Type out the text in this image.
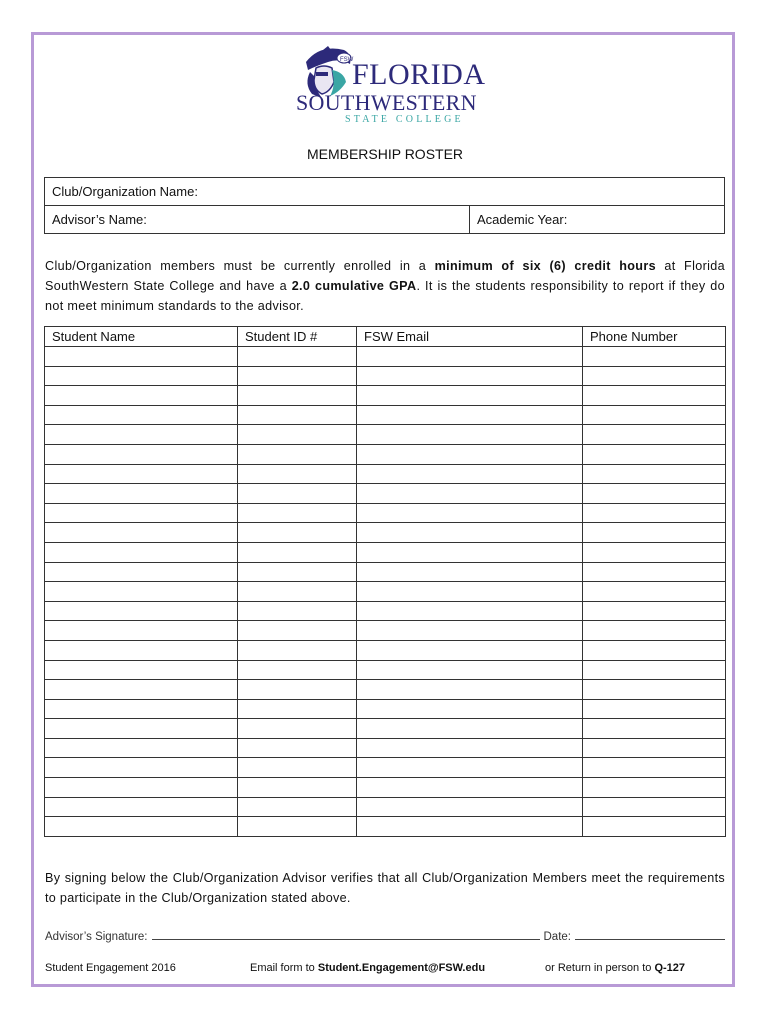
FSW
FLORIDA
SOUTHWESTERN
STATE COLLEGE
MEMBERSHIP ROSTER
Club/Organization Name:
Advisor’s Name:	Academic Year:
Club/Organization members must be currently enrolled in a minimum of six (6) credit hours at Florida SouthWestern State College and have a 2.0 cumulative GPA. It is the students responsibility to report if they do not meet minimum standards to the advisor.
Student Name	Student ID #	FSW Email	Phone Number

By signing below the Club/Organization Advisor verifies that all Club/Organization Members meet the requirements to participate in the Club/Organization stated above.
Advisor’s Signature:	Date:
Student Engagement 2016	Email form to Student.Engagement@FSW.edu	or Return in person to Q-127
